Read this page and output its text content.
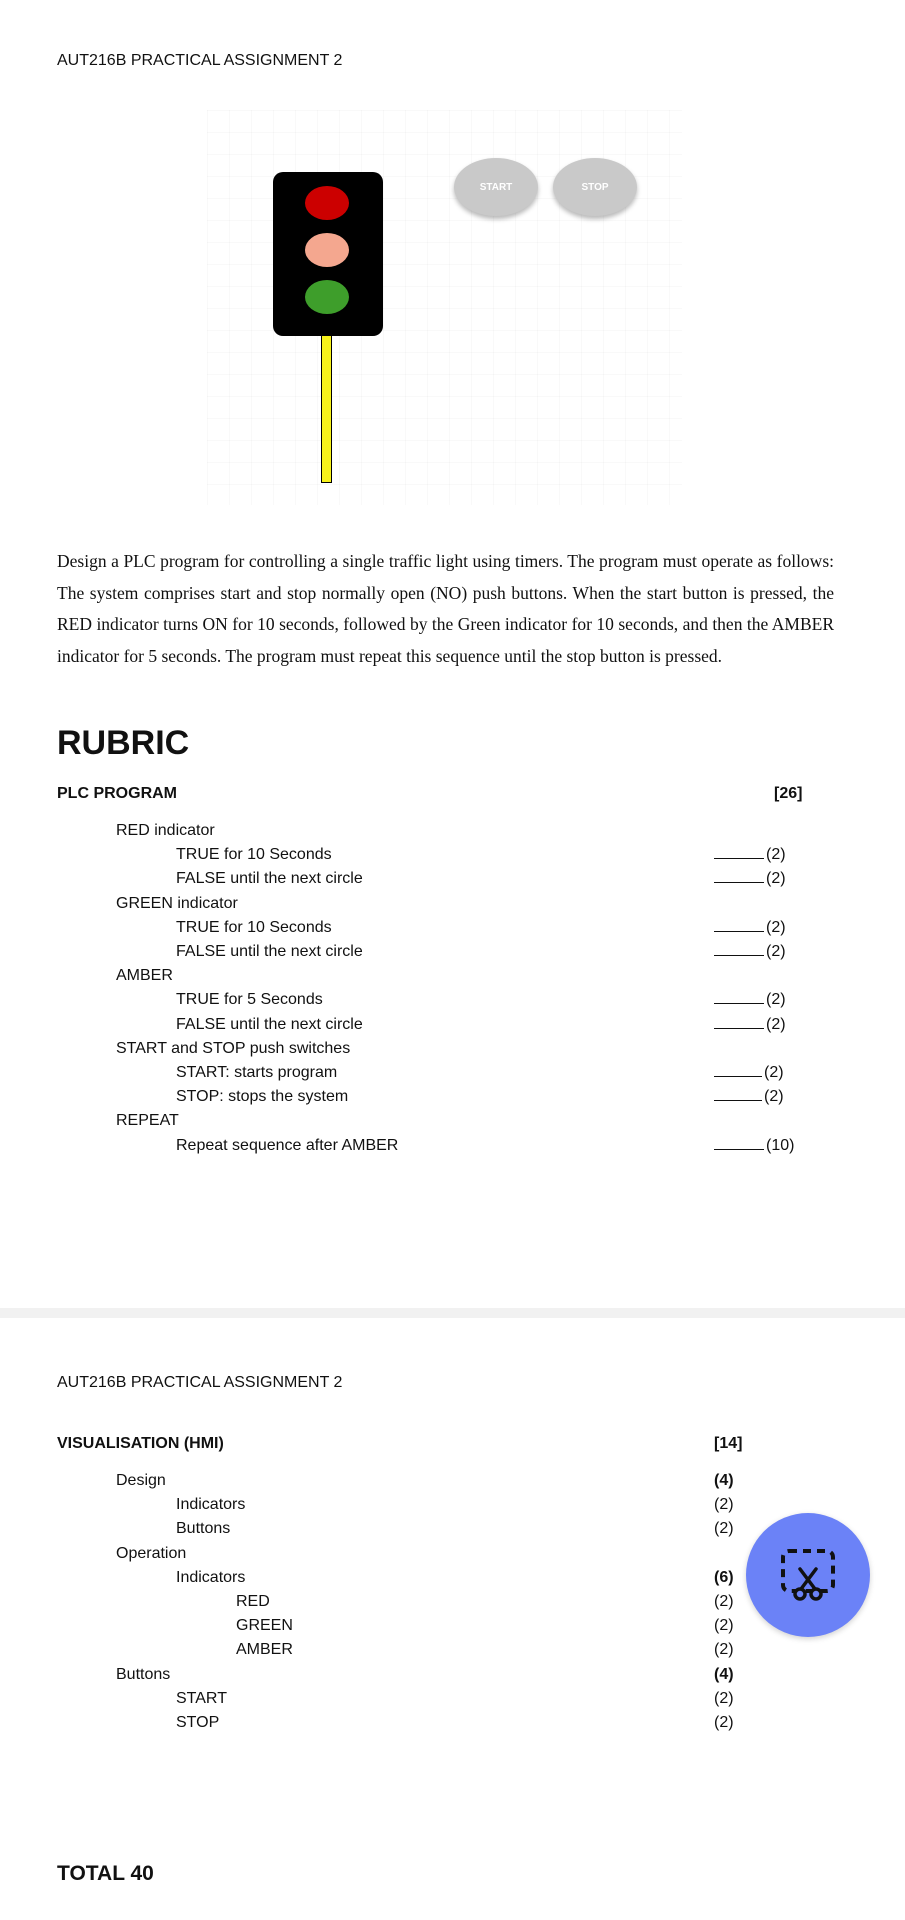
AUT216B PRACTICAL ASSIGNMENT 2
START	STOP
Design a PLC program for controlling a single traffic light using timers. The program must operate as follows: The system comprises start and stop normally open (NO) push buttons. When the start button is pressed, the RED indicator turns ON for 10 seconds, followed by the Green indicator for 10 seconds, and then the AMBER indicator for 5 seconds. The program must repeat this sequence until the stop button is pressed.
RUBRIC
PLC PROGRAM	[26]
RED indicator
TRUE for 10 Seconds	(2)
FALSE until the next circle	(2)
GREEN indicator
TRUE for 10 Seconds	(2)
FALSE until the next circle	(2)
AMBER
TRUE for 5 Seconds	(2)
FALSE until the next circle	(2)
START and STOP push switches
START: starts program	(2)
STOP: stops the system	(2)
REPEAT
Repeat sequence after AMBER	(10)
AUT216B PRACTICAL ASSIGNMENT 2
VISUALISATION (HMI)	[14]
Design	(4)
Indicators	(2)
Buttons	(2)
Operation
Indicators	(6)
RED	(2)
GREEN	(2)
AMBER	(2)
Buttons	(4)
START	(2)
STOP	(2)
TOTAL 40
